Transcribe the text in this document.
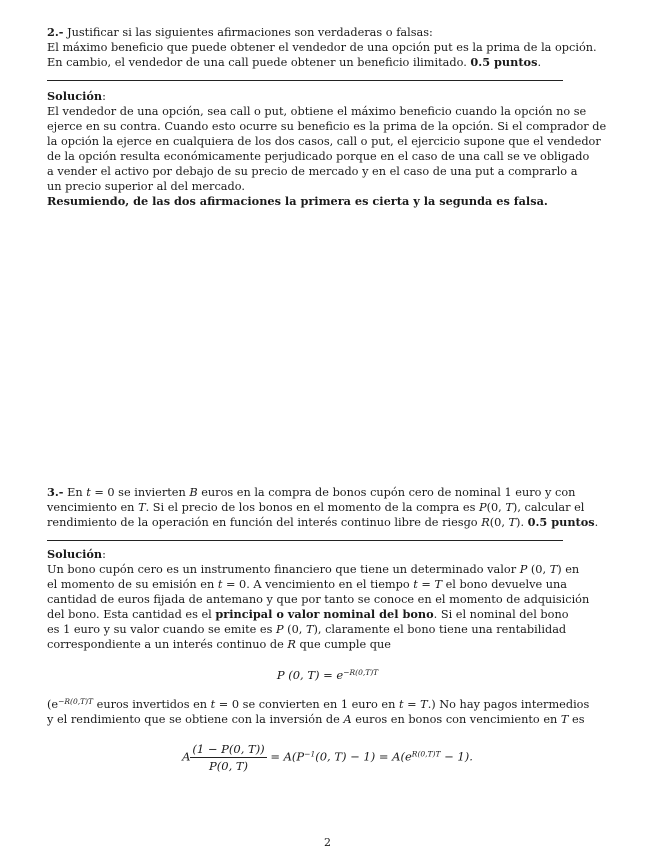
2.- Justificar si las siguientes afirmaciones son verdaderas o falsas:
El máximo beneficio que puede obtener el vendedor de una opción put es la prima de la opción.
En cambio, el vendedor de una call puede obtener un beneficio ilimitado. 0.5 puntos.
Solución:
El vendedor de una opción, sea call o put, obtiene el máximo beneficio cuando la opción no se
ejerce en su contra. Cuando esto ocurre su beneficio es la prima de la opción. Si el comprador de
la opción la ejerce en cualquiera de los dos casos, call o put, el ejercicio supone que el vendedor
de la opción resulta económicamente perjudicado porque en el caso de una call se ve obligado
a vender el activo por debajo de su precio de mercado y en el caso de una put a comprarlo a
un precio superior al del mercado.
Resumiendo, de las dos afirmaciones la primera es cierta y la segunda es falsa.
3.- En t = 0 se invierten B euros en la compra de bonos cupón cero de nominal 1 euro y con
vencimiento en T. Si el precio de los bonos en el momento de la compra es P(0, T), calcular el
rendimiento de la operación en función del interés continuo libre de riesgo R(0, T). 0.5 puntos.
Solución:
Un bono cupón cero es un instrumento financiero que tiene un determinado valor P (0, T) en
el momento de su emisión en t = 0. A vencimiento en el tiempo t = T el bono devuelve una
cantidad de euros fijada de antemano y que por tanto se conoce en el momento de adquisición
del bono. Esta cantidad es el principal o valor nominal del bono. Si el nominal del bono
es 1 euro y su valor cuando se emite es P (0, T), claramente el bono tiene una rentabilidad
correspondiente a un interés continuo de R que cumple que
P (0, $T) = e^{-R(0,T)T}$
($e^{-R(0,T)T}$ euros invertidos en t = 0 se convierten en 1 euro en t = T.) No hay pagos intermedios
y el rendimiento que se obtiene con la inversión de A euros en bonos con vencimiento en T es
A $\frac{(1 - P(0, T))}{P(0, T)} = A(P^{-1}(0$, $T) - 1) = A(e^{R(0,T)T} - 1)$.
2
